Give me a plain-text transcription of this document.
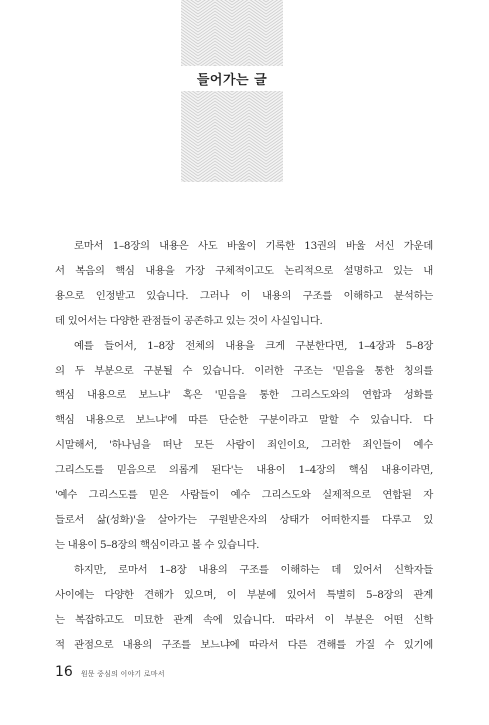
들어가는 글
로마서 1–8장의 내용은 사도 바울이 기록한 13권의 바울 서신 가운데
서 복음의 핵심 내용을 가장 구체적이고도 논리적으로 설명하고 있는 내
용으로 인정받고 있습니다. 그러나 이 내용의 구조를 이해하고 분석하는
데 있어서는 다양한 관점들이 공존하고 있는 것이 사실입니다.
예를 들어서, 1–8장 전체의 내용을 크게 구분한다면, 1–4장과 5–8장
의 두 부분으로 구분될 수 있습니다. 이러한 구조는 '믿음을 통한 칭의를
핵심 내용으로 보느냐' 혹은 '믿음을 통한 그리스도와의 연합과 성화를
핵심 내용으로 보느냐'에 따른 단순한 구분이라고 말할 수 있습니다. 다
시말해서, '하나님을 떠난 모든 사람이 죄인이요, 그러한 죄인들이 예수
그리스도를 믿음으로 의롭게 된다'는 내용이 1–4장의 핵심 내용이라면,
'예수 그리스도를 믿은 사람들이 예수 그리스도와 실제적으로 연합된 자
들로서 삶(성화)'을 살아가는 구원받은자의 상태가 어떠한지를 다루고 있
는 내용이 5–8장의 핵심이라고 볼 수 있습니다.
하지만, 로마서 1–8장 내용의 구조를 이해하는 데 있어서 신학자들
사이에는 다양한 견해가 있으며, 이 부분에 있어서 특별히 5–8장의 관계
는 복잡하고도 미묘한 관계 속에 있습니다. 따라서 이 부분은 어떤 신학
적 관점으로 내용의 구조를 보느냐에 따라서 다른 견해를 가질 수 있기에
16 원문 중심의 이야기 로마서
